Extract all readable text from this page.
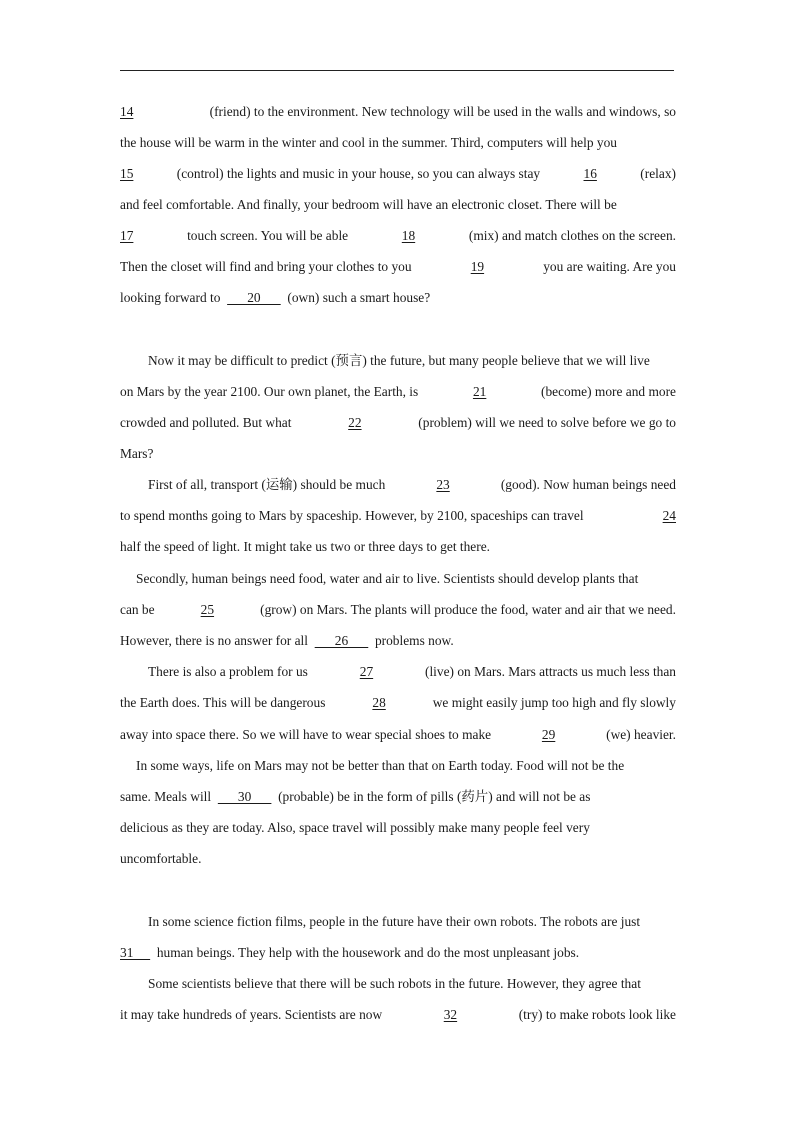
14	(friend) to the environment. New technology will be used in the walls and windows, so
the house will be warm in the winter and cool in the summer. Third, computers will help you
15	(control) the lights and music in your house, so you can always stay	16	(relax)
and feel comfortable. And finally, your bedroom will have an electronic closet. There will be
17	touch screen. You will be able	18	(mix) and match clothes on the screen.
Then the closet will find and bring your clothes to you	19	you are waiting. Are you
looking forward to
20
(own) such a smart house?
Now it may be difficult to predict (预言) the future, but many people believe that we will live
on Mars by the year 2100. Our own planet, the Earth, is	21	(become) more and more
crowded and polluted. But what	22	(problem) will we need to solve before we go to
Mars?
First of all, transport (运输) should be much	23	(good). Now human beings need
to spend months going to Mars by spaceship. However, by 2100, spaceships can travel	24
half the speed of light. It might take us two or three days to get there.
Secondly, human beings need food, water and air to live. Scientists should develop plants that
can be	25	(grow) on Mars. The plants will produce the food, water and air that we need.
However, there is no answer for all
26
problems now.
There is also a problem for us	27	(live) on Mars. Mars attracts us much less than
the Earth does. This will be dangerous	28	we might easily jump too high and fly slowly
away into space there. So we will have to wear special shoes to make	29	(we) heavier.
In some ways, life on Mars may not be better than that on Earth today. Food will not be the
same. Meals will
30
(probable) be in the form of pills (药片) and will not be as
delicious as they are today. Also, space travel will possibly make many people feel very
uncomfortable.
In some science fiction films, people in the future have their own robots. The robots are just
31
human beings. They help with the housework and do the most unpleasant jobs.
Some scientists believe that there will be such robots in the future. However, they agree that
it may take hundreds of years. Scientists are now	32	(try) to make robots look like
